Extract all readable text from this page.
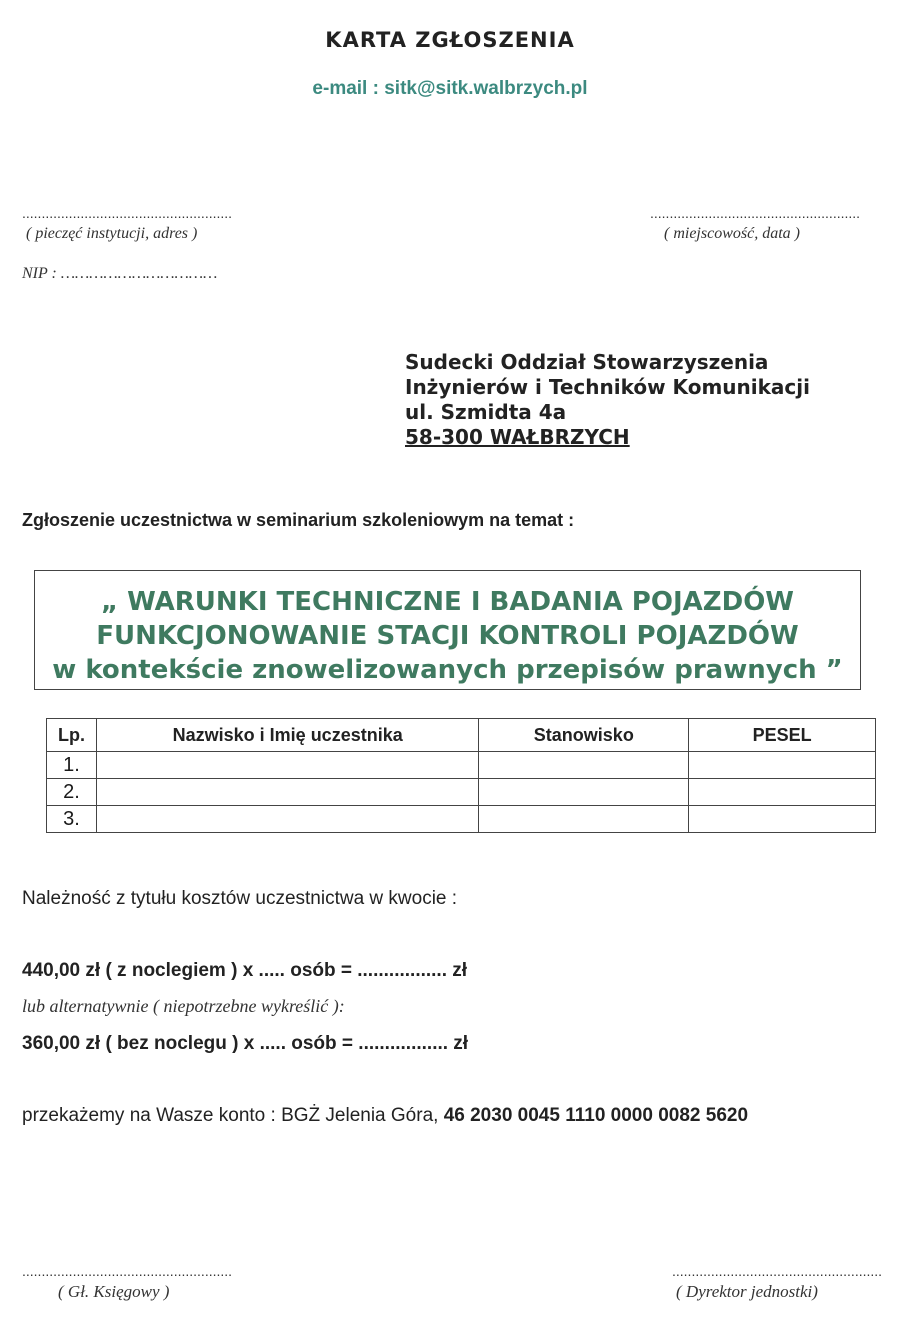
KARTA ZGŁOSZENIA
e-mail : sitk@sitk.walbrzych.pl
......................................................
( pieczęć instytucji, adres )
NIP : ……………………………
......................................................
( miejscowość, data )
Sudecki Oddział Stowarzyszenia
Inżynierów i Techników Komunikacji
ul. Szmidta 4a
58-300 WAŁBRZYCH
Zgłoszenie uczestnictwa w seminarium szkoleniowym na temat :
„ WARUNKI TECHNICZNE I BADANIA POJAZDÓW
FUNKCJONOWANIE STACJI KONTROLI POJAZDÓW
w kontekście znowelizowanych przepisów prawnych ”
Lp.	Nazwisko i Imię uczestnika	Stanowisko	PESEL
1.			
2.			
3.			
Należność z tytułu kosztów uczestnictwa w kwocie :
440,00 zł ( z noclegiem ) x ..... osób = ................. zł
lub alternatywnie ( niepotrzebne wykreślić ):
360,00 zł ( bez noclegu ) x ..... osób = ................. zł
przekażemy na Wasze konto : BGŻ Jelenia Góra, 46 2030 0045 1110 0000 0082 5620
......................................................
( Gł. Księgowy )
......................................................
( Dyrektor jednostki)
